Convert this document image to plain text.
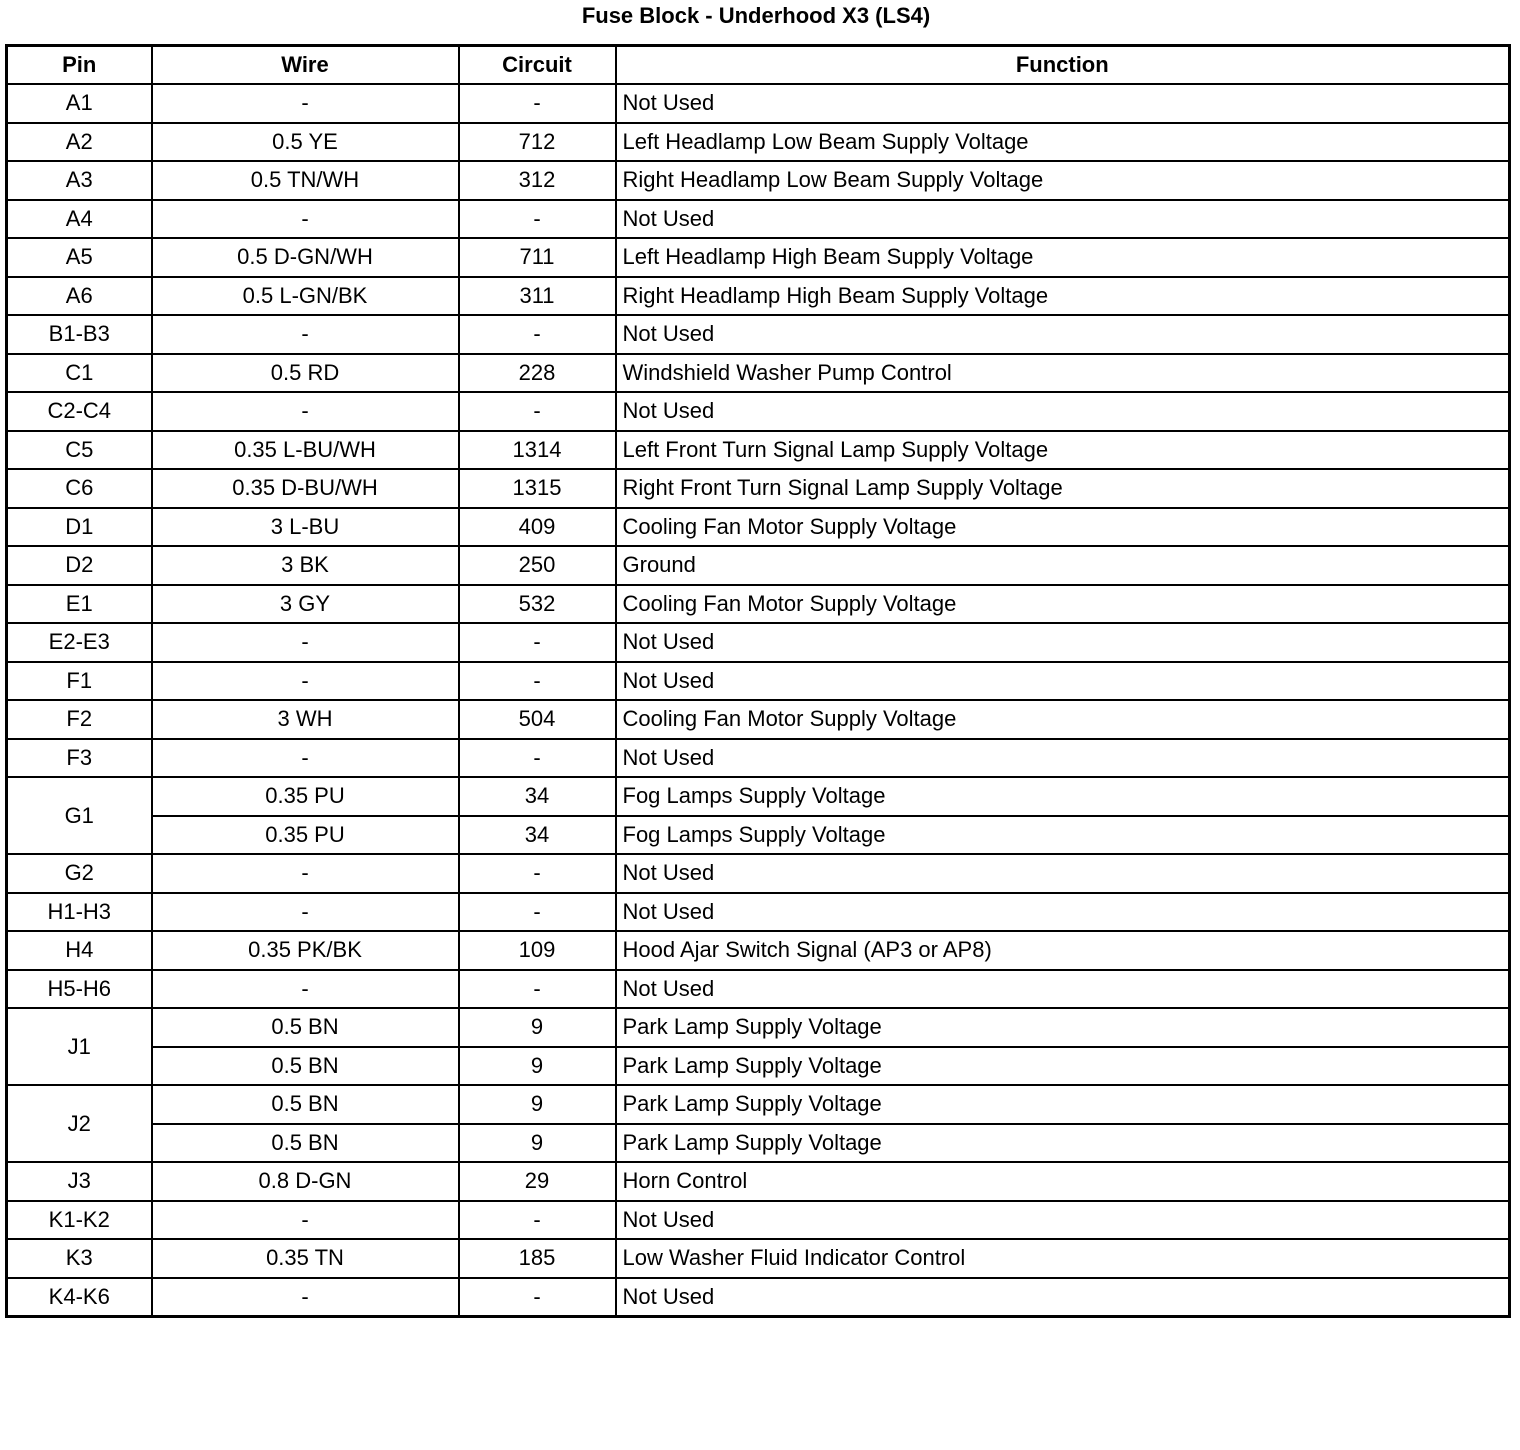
Fuse Block - Underhood X3 (LS4)
Pin	Wire	Circuit	Function
A1	-	-	Not Used
A2	0.5 YE	712	Left Headlamp Low Beam Supply Voltage
A3	0.5 TN/WH	312	Right Headlamp Low Beam Supply Voltage
A4	-	-	Not Used
A5	0.5 D-GN/WH	711	Left Headlamp High Beam Supply Voltage
A6	0.5 L-GN/BK	311	Right Headlamp High Beam Supply Voltage
B1-B3	-	-	Not Used
C1	0.5 RD	228	Windshield Washer Pump Control
C2-C4	-	-	Not Used
C5	0.35 L-BU/WH	1314	Left Front Turn Signal Lamp Supply Voltage
C6	0.35 D-BU/WH	1315	Right Front Turn Signal Lamp Supply Voltage
D1	3 L-BU	409	Cooling Fan Motor Supply Voltage
D2	3 BK	250	Ground
E1	3 GY	532	Cooling Fan Motor Supply Voltage
E2-E3	-	-	Not Used
F1	-	-	Not Used
F2	3 WH	504	Cooling Fan Motor Supply Voltage
F3	-	-	Not Used
G1	0.35 PU	34	Fog Lamps Supply Voltage
	0.35 PU	34	Fog Lamps Supply Voltage
G2	-	-	Not Used
H1-H3	-	-	Not Used
H4	0.35 PK/BK	109	Hood Ajar Switch Signal (AP3 or AP8)
H5-H6	-	-	Not Used
J1	0.5 BN	9	Park Lamp Supply Voltage
	0.5 BN	9	Park Lamp Supply Voltage
J2	0.5 BN	9	Park Lamp Supply Voltage
	0.5 BN	9	Park Lamp Supply Voltage
J3	0.8 D-GN	29	Horn Control
K1-K2	-	-	Not Used
K3	0.35 TN	185	Low Washer Fluid Indicator Control
K4-K6	-	-	Not Used
